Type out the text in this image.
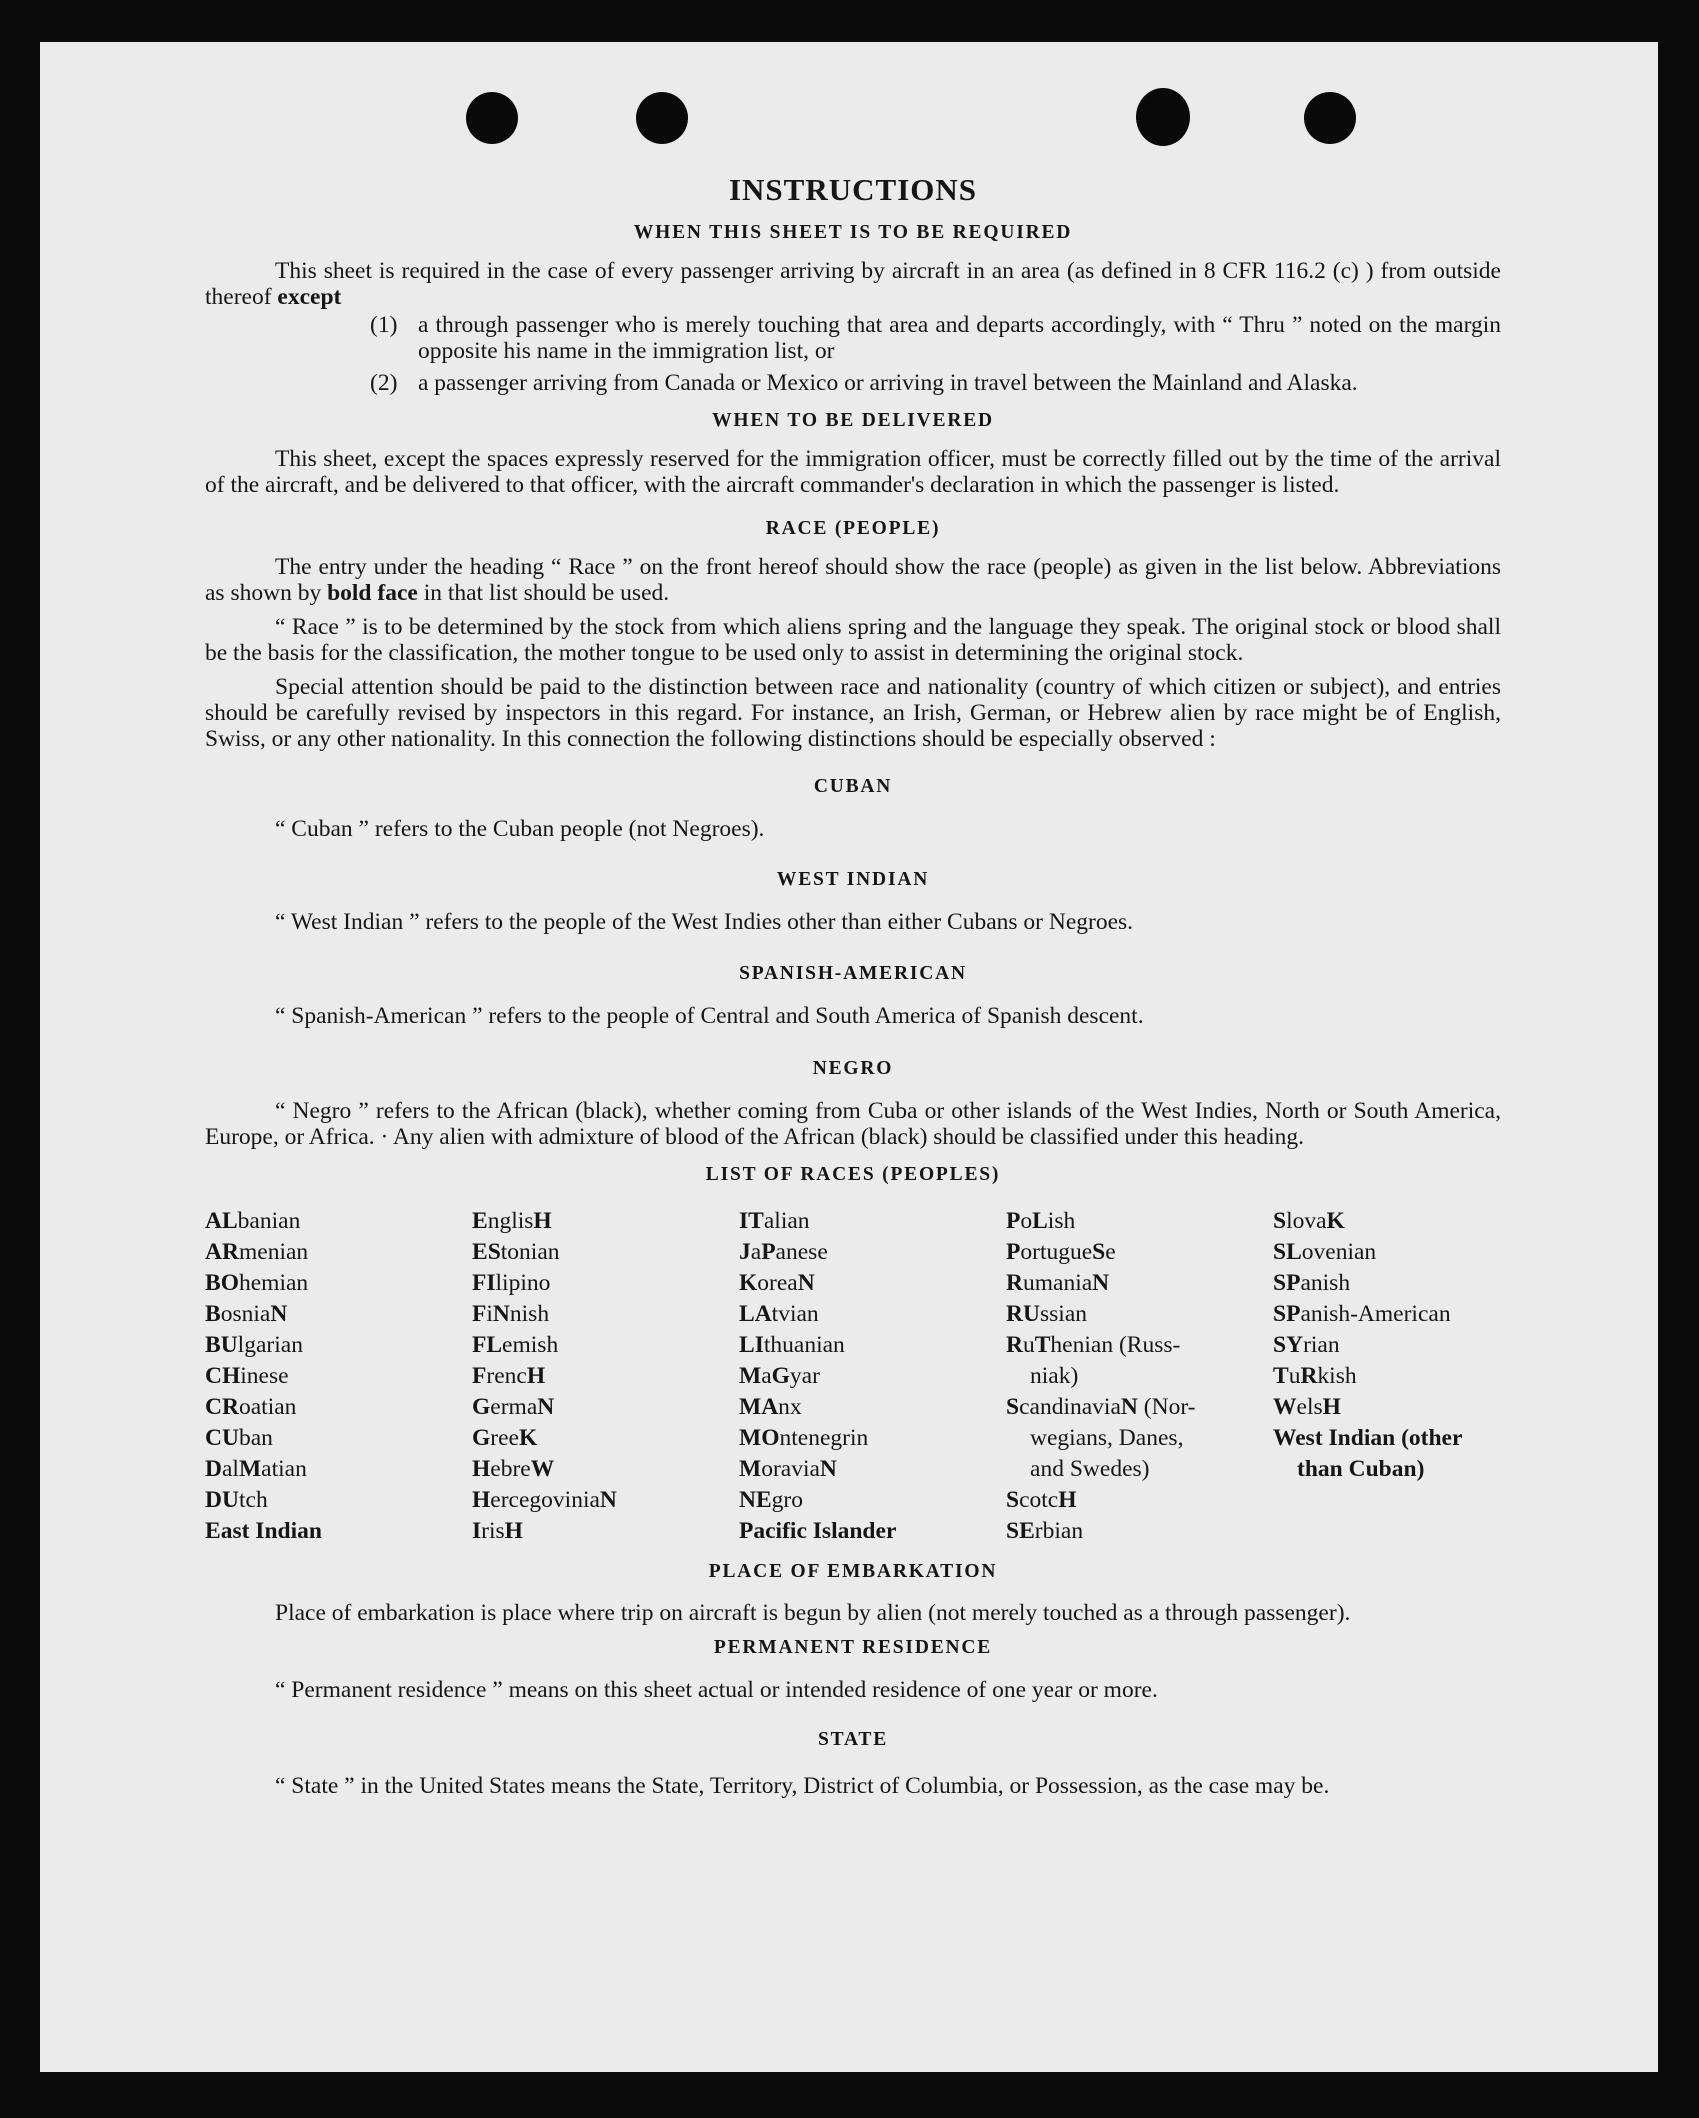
INSTRUCTIONS
WHEN THIS SHEET IS TO BE REQUIRED

This sheet is required in the case of every passenger arriving by aircraft in an area (as defined in 8 CFR 116.2 (c) ) from outside thereof except

(1) a through passenger who is merely touching that area and departs accordingly, with “ Thru ” noted on the margin opposite his name in the immigration list, or
(2) a passenger arriving from Canada or Mexico or arriving in travel between the Mainland and Alaska.
WHEN TO BE DELIVERED

This sheet, except the spaces expressly reserved for the immigration officer, must be correctly filled out by the time of the arrival of the aircraft, and be delivered to that officer, with the aircraft commander's declaration in which the passenger is listed.

RACE (PEOPLE)

The entry under the heading “ Race ” on the front hereof should show the race (people) as given in the list below. Abbreviations as shown by bold face in that list should be used.

“ Race ” is to be determined by the stock from which aliens spring and the language they speak. The original stock or blood shall be the basis for the classification, the mother tongue to be used only to assist in determining the original stock.

Special attention should be paid to the distinction between race and nationality (country of which citizen or subject), and entries should be carefully revised by inspectors in this regard. For instance, an Irish, German, or Hebrew alien by race might be of English, Swiss, or any other nationality. In this connection the following distinctions should be especially observed :

CUBAN

“ Cuban ” refers to the Cuban people (not Negroes).

WEST INDIAN

“ West Indian ” refers to the people of the West Indies other than either Cubans or Negroes.

SPANISH-AMERICAN

“ Spanish-American ” refers to the people of Central and South America of Spanish descent.

NEGRO

“ Negro ” refers to the African (black), whether coming from Cuba or other islands of the West Indies, North or South America, Europe, or Africa. · Any alien with admixture of blood of the African (black) should be classified under this heading.

LIST OF RACES (PEOPLES)
ALbanian
ARmenian
BOhemian
BosniaN
BUlgarian
CHinese
CRoatian
CUban
DalMatian
DUtch
East Indian
EnglisH
EStonian
FIlipino
FiNnish
FLemish
FrencH
GermaN
GreeK
HebreW
HercegoviniaN
IrisH
ITalian
JaPanese
KoreaN
LAtvian
LIthuanian
MaGyar
MAnx
MOntenegrin
MoraviaN
NEgro
Pacific Islander
PoLish
PortugueSe
RumaniaN
RUssian
RuThenian (Russ-
niak)
ScandinaviaN (Nor-
wegians, Danes,
and Swedes)
ScotcH
SErbian
SlovaK
SLovenian
SPanish
SPanish-American
SYrian
TuRkish
WelsH
West Indian (other
than Cuban)
PLACE OF EMBARKATION

Place of embarkation is place where trip on aircraft is begun by alien (not merely touched as a through passenger).

PERMANENT RESIDENCE

“ Permanent residence ” means on this sheet actual or intended residence of one year or more.

STATE

“ State ” in the United States means the State, Territory, District of Columbia, or Possession, as the case may be.
